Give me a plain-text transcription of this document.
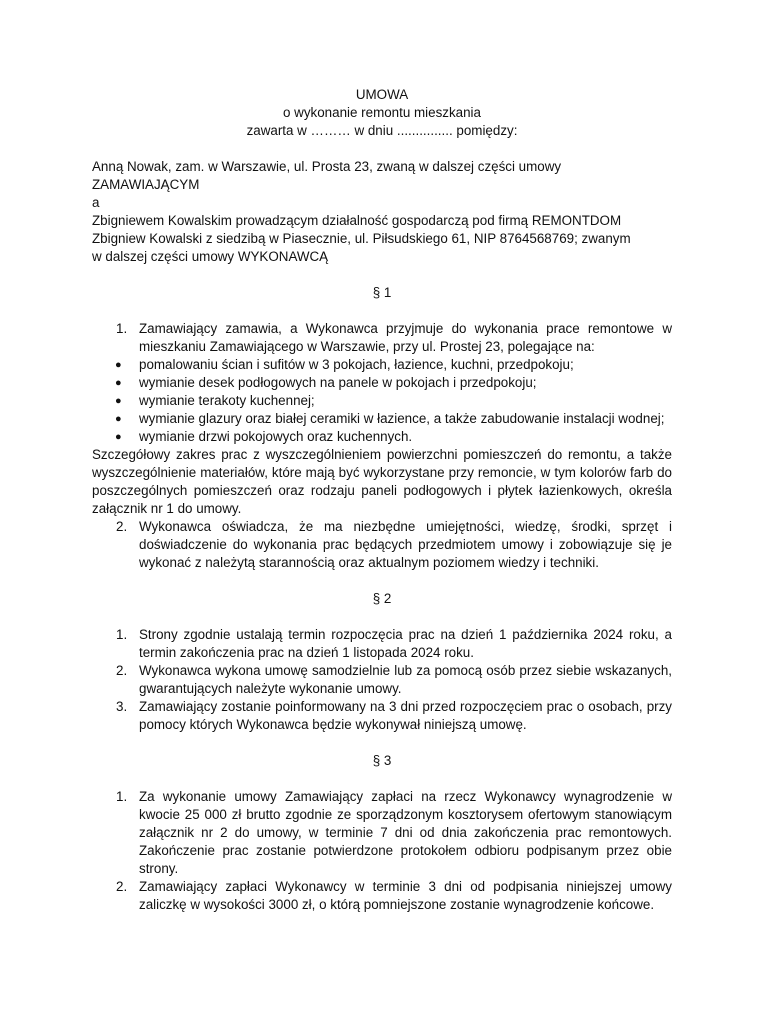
UMOWA
o wykonanie remontu mieszkania
zawarta w ……… w dniu ............... pomiędzy:
Anną Nowak, zam. w Warszawie, ul. Prosta 23, zwaną w dalszej części umowy
ZAMAWIAJĄCYM
a
Zbigniewem Kowalskim prowadzącym działalność gospodarczą pod firmą REMONTDOM
Zbigniew Kowalski z siedzibą w Piasecznie, ul. Piłsudskiego 61, NIP 8764568769; zwanym
w dalszej części umowy WYKONAWCĄ
§ 1
1. Zamawiający zamawia, a Wykonawca przyjmuje do wykonania prace remontowe w mieszkaniu Zamawiającego w Warszawie, przy ul. Prostej 23, polegające na:
● pomalowaniu ścian i sufitów w 3 pokojach, łazience, kuchni, przedpokoju;
● wymianie desek podłogowych na panele w pokojach i przedpokoju;
● wymianie terakoty kuchennej;
● wymianie glazury oraz białej ceramiki w łazience, a także zabudowanie instalacji wodnej;
● wymianie drzwi pokojowych oraz kuchennych.
Szczegółowy zakres prac z wyszczególnieniem powierzchni pomieszczeń do remontu, a także wyszczególnienie materiałów, które mają być wykorzystane przy remoncie, w tym kolorów farb do poszczególnych pomieszczeń oraz rodzaju paneli podłogowych i płytek łazienkowych, określa załącznik nr 1 do umowy.
2. Wykonawca oświadcza, że ma niezbędne umiejętności, wiedzę, środki, sprzęt i doświadczenie do wykonania prac będących przedmiotem umowy i zobowiązuje się je wykonać z należytą starannością oraz aktualnym poziomem wiedzy i techniki.
§ 2
1. Strony zgodnie ustalają termin rozpoczęcia prac na dzień 1 października 2024 roku, a termin zakończenia prac na dzień 1 listopada 2024 roku.
2. Wykonawca wykona umowę samodzielnie lub za pomocą osób przez siebie wskazanych, gwarantujących należyte wykonanie umowy.
3. Zamawiający zostanie poinformowany na 3 dni przed rozpoczęciem prac o osobach, przy pomocy których Wykonawca będzie wykonywał niniejszą umowę.
§ 3
1. Za wykonanie umowy Zamawiający zapłaci na rzecz Wykonawcy wynagrodzenie w kwocie 25 000 zł brutto zgodnie ze sporządzonym kosztorysem ofertowym stanowiącym załącznik nr 2 do umowy, w terminie 7 dni od dnia zakończenia prac remontowych. Zakończenie prac zostanie potwierdzone protokołem odbioru podpisanym przez obie strony.
2. Zamawiający zapłaci Wykonawcy w terminie 3 dni od podpisania niniejszej umowy zaliczkę w wysokości 3000 zł, o którą pomniejszone zostanie wynagrodzenie końcowe.
